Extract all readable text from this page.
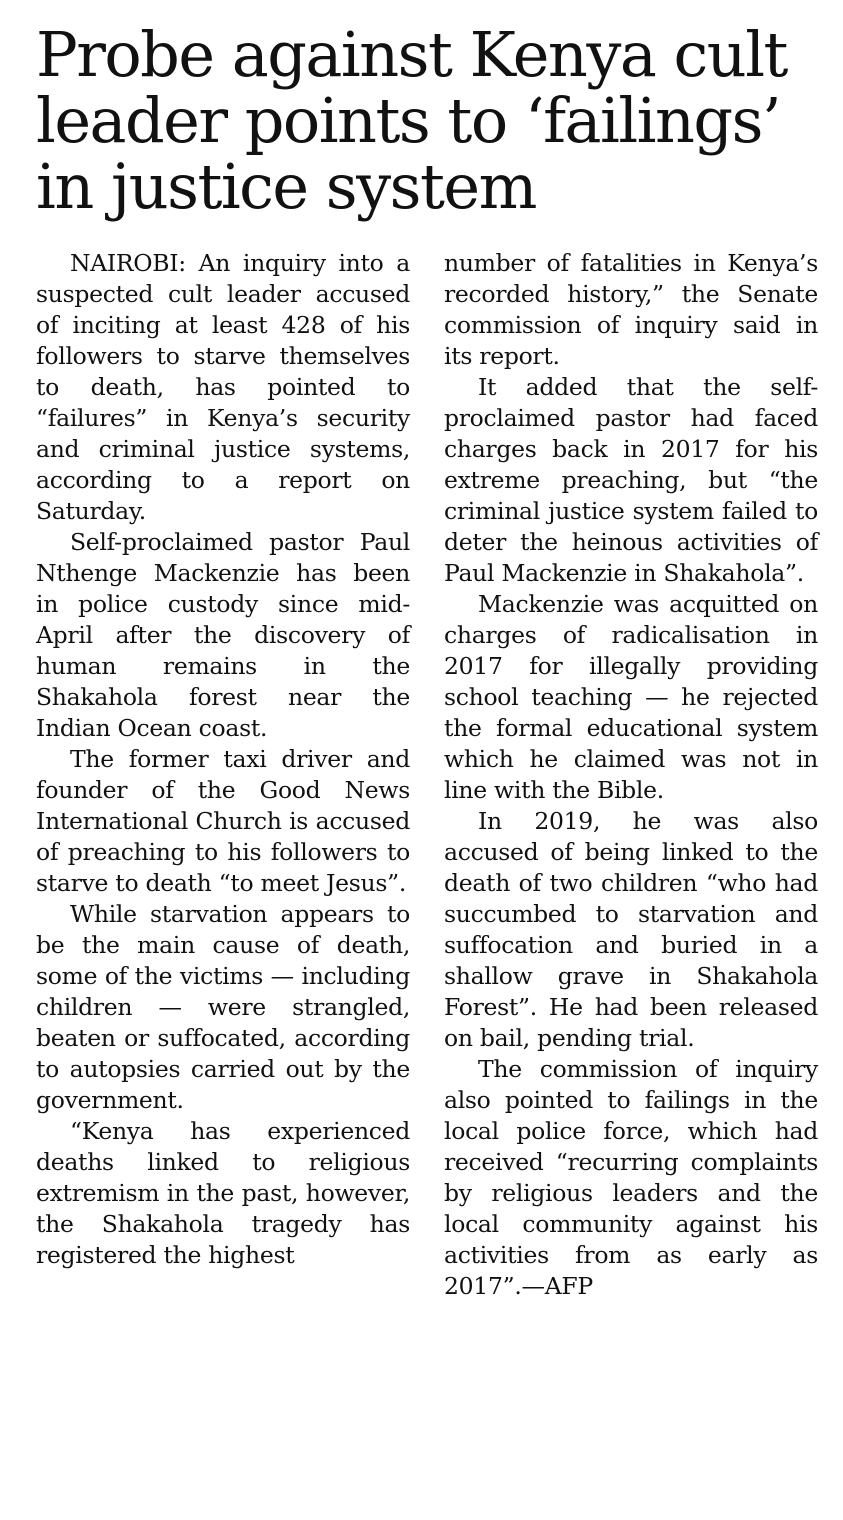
Probe against Kenya cult leader points to ‘failings’ in justice system

NAIROBI: An inquiry into a suspected cult leader accused of inciting at least 428 of his followers to starve themselves to death, has pointed to “failures” in Kenya’s security and criminal justice systems, according to a report on Saturday.

Self-proclaimed pastor Paul Nthenge Mackenzie has been in police custody since mid-April after the discovery of human remains in the Shakahola forest near the Indian Ocean coast.

The former taxi driver and founder of the Good News International Church is accused of preaching to his followers to starve to death “to meet Jesus”.

While starvation appears to be the main cause of death, some of the victims — including children — were strangled, beaten or suffocated, according to autopsies carried out by the government.

“Kenya has experienced deaths linked to religious extremism in the past, however, the Shakahola tragedy has registered the highest

number of fatalities in Kenya’s recorded history,” the Senate commission of inquiry said in its report.

It added that the self-proclaimed pastor had faced charges back in 2017 for his extreme preaching, but “the criminal justice system failed to deter the heinous activities of Paul Mackenzie in Shakahola”.

Mackenzie was acquitted on charges of radicalisation in 2017 for illegally providing school teaching — he rejected the formal educational system which he claimed was not in line with the Bible.

In 2019, he was also accused of being linked to the death of two children “who had succumbed to starvation and suffocation and buried in a shallow grave in Shakahola Forest”. He had been released on bail, pending trial.

The commission of inquiry also pointed to failings in the local police force, which had received “recurring complaints by religious leaders and the local community against his activities from as early as 2017”.—AFP
